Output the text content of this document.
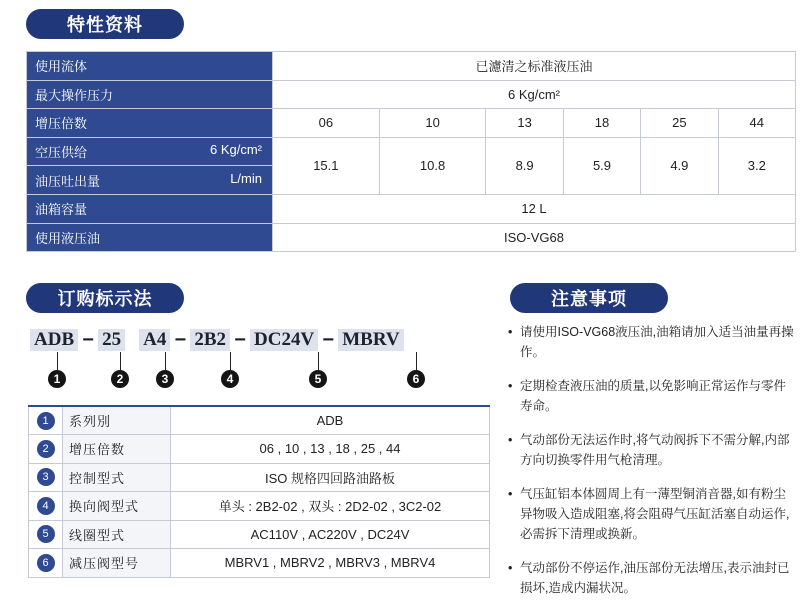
特性资料
使用流体	已濾清之标准液压油					
最大操作压力	6 Kg/cm²					
增压倍数	06	10	13	18	25	44

空压供给 6 Kg/cm²	15.1	10.8	8.9	5.9	4.9	3.2

油压吐出量 L/min						

油箱容量	12 L					
使用液压油	ISO-VG68					
订购标示法	注意事项
ADB − 25 A4 − 2B2 − DC24V − MBRV
1	2	3	4	5	6
1	系列別	ADB
2	增压倍数	06 , 10 , 13 , 18 , 25 , 44
3	控制型式	ISO 规格四回路油路板
4	换向阀型式	单头 : 2B2-02 , 双头 : 2D2-02 , 3C2-02
5	线圈型式	AC110V , AC220V , DC24V
6	减压阀型号	MBRV1 , MBRV2 , MBRV3 , MBRV4
• 请使用ISO-VG68液压油,油箱请加入适当油量再操作。
• 定期检查液压油的质量,以免影响正常运作与零件寿命。
• 气动部份无法运作时,将气动阀拆下不需分解,内部方向切换零件用气枪清理。
• 气压缸铝本体圆周上有一薄型铜消音器,如有粉尘异物吸入造成阻塞,将会阻碍气压缸活塞自动运作,必需拆下清理或换新。
• 气动部份不停运作,油压部份无法增压,表示油封已损坏,造成内漏状况。
